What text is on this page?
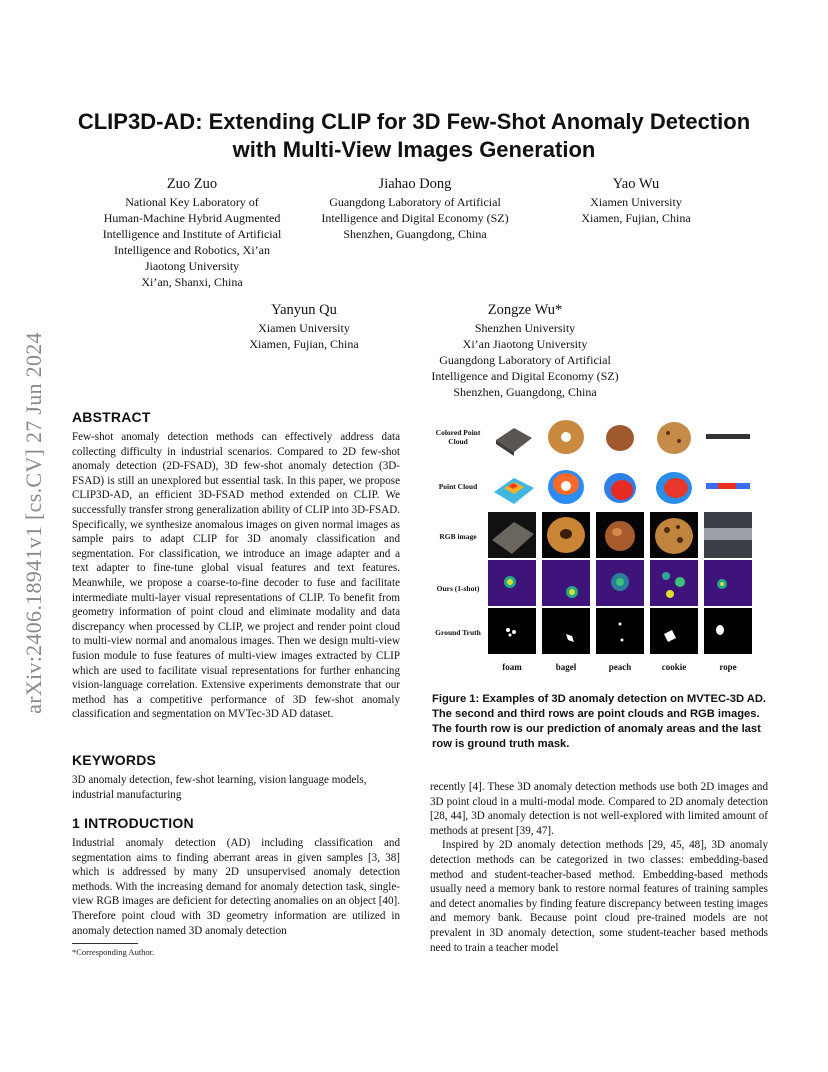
arXiv:2406.18941v1 [cs.CV] 27 Jun 2024
CLIP3D-AD: Extending CLIP for 3D Few-Shot Anomaly Detection
with Multi-View Images Generation
Zuo Zuo
National Key Laboratory of
Human-Machine Hybrid Augmented
Intelligence and Institute of Artificial
Intelligence and Robotics, Xi’an
Jiaotong University
Xi’an, Shanxi, China
Jiahao Dong
Guangdong Laboratory of Artificial
Intelligence and Digital Economy (SZ)
Shenzhen, Guangdong, China
Yao Wu
Xiamen University
Xiamen, Fujian, China
Yanyun Qu
Xiamen University
Xiamen, Fujian, China
Zongze Wu*
Shenzhen University
Xi’an Jiaotong University
Guangdong Laboratory of Artificial
Intelligence and Digital Economy (SZ)
Shenzhen, Guangdong, China
ABSTRACT

Few-shot anomaly detection methods can effectively address data collecting difficulty in industrial scenarios. Compared to 2D few-shot anomaly detection (2D-FSAD), 3D few-shot anomaly detection (3D-FSAD) is still an unexplored but essential task. In this paper, we propose CLIP3D-AD, an efficient 3D-FSAD method extended on CLIP. We successfully transfer strong generalization ability of CLIP into 3D-FSAD. Specifically, we synthesize anomalous images on given normal images as sample pairs to adapt CLIP for 3D anomaly classification and segmentation. For classification, we introduce an image adapter and a text adapter to fine-tune global visual features and text features. Meanwhile, we propose a coarse-to-fine decoder to fuse and facilitate intermediate multi-layer visual representations of CLIP. To benefit from geometry information of point cloud and eliminate modality and data discrepancy when processed by CLIP, we project and render point cloud to multi-view normal and anomalous images. Then we design multi-view fusion module to fuse features of multi-view images extracted by CLIP which are used to facilitate visual representations for further enhancing vision-language correlation. Extensive experiments demonstrate that our method has a competitive performance of 3D few-shot anomaly classification and segmentation on MVTec-3D AD dataset.

KEYWORDS

3D anomaly detection, few-shot learning, vision language models, industrial manufacturing

1 INTRODUCTION

Industrial anomaly detection (AD) including classification and segmentation aims to finding aberrant areas in given samples [3, 38] which is addressed by many 2D unsupervised anomaly detection methods. With the increasing demand for anomaly detection task, single-view RGB images are deficient for detecting anomalies on an object [40]. Therefore point cloud with 3D geometry information are utilized in anomaly detection named 3D anomaly detection

*Corresponding Author.
Colored Point Cloud
Point Cloud
RGB image
Ours (1-shot)
Ground Truth
foam	bagel	peach	cookie	rope
Figure 1: Examples of 3D anomaly detection on MVTEC-3D AD. The second and third rows are point clouds and RGB images. The fourth row is our prediction of anomaly areas and the last row is ground truth mask.

recently [4]. These 3D anomaly detection methods use both 2D images and 3D point cloud in a multi-modal mode. Compared to 2D anomaly detection [28, 44], 3D anomaly detection is not well-explored with limited amount of methods at present [39, 47].

Inspired by 2D anomaly detection methods [29, 45, 48], 3D anomaly detection methods can be categorized in two classes: embedding-based method and student-teacher-based method. Embedding-based methods usually need a memory bank to restore normal features of training samples and detect anomalies by finding feature discrepancy between testing images and memory bank. Because point cloud pre-trained models are not prevalent in 3D anomaly detection, some student-teacher based methods need to train a teacher model
